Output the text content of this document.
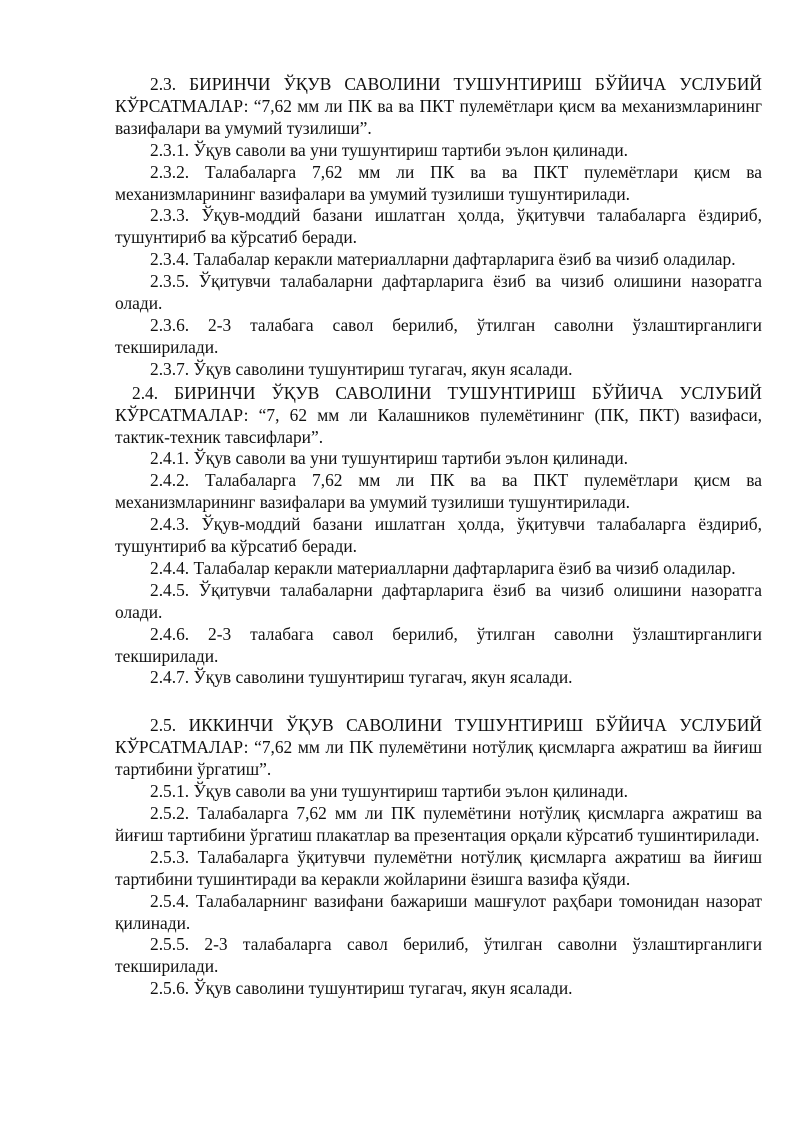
2.3. БИРИНЧИ ЎҚУВ САВОЛИНИ ТУШУНТИРИШ БЎЙИЧА УСЛУБИЙ КЎРСАТМАЛАР: “7,62 мм ли ПК ва ва ПКТ пулемётлари қисм ва механизмларининг вазифалари ва умумий тузилиши”.

2.3.1. Ўқув саволи ва уни тушунтириш тартиби эълон қилинади.

2.3.2. Талабаларга 7,62 мм ли ПК ва ва ПКТ пулемётлари қисм ва механизмларининг вазифалари ва умумий тузилиши тушунтирилади.

2.3.3. Ўқув-моддий базани ишлатган ҳолда, ўқитувчи талабаларга ёздириб, тушунтириб ва кўрсатиб беради.

2.3.4. Талабалар керакли материалларни дафтарларига ёзиб ва чизиб оладилар.

2.3.5. Ўқитувчи талабаларни дафтарларига ёзиб ва чизиб олишини назоратга олади.

2.3.6. 2-3 талабага савол берилиб, ўтилган саволни ўзлаштирганлиги текширилади.

2.3.7. Ўқув саволини тушунтириш тугагач, якун ясалади.

2.4. БИРИНЧИ ЎҚУВ САВОЛИНИ ТУШУНТИРИШ БЎЙИЧА УСЛУБИЙ КЎРСАТМАЛАР: “7, 62 мм ли Калашников пулемётининг (ПК, ПКТ) вазифаси, тактик-техник тавсифлари”.

2.4.1. Ўқув саволи ва уни тушунтириш тартиби эълон қилинади.

2.4.2. Талабаларга 7,62 мм ли ПК ва ва ПКТ пулемётлари қисм ва механизмларининг вазифалари ва умумий тузилиши тушунтирилади.

2.4.3. Ўқув-моддий базани ишлатган ҳолда, ўқитувчи талабаларга ёздириб, тушунтириб ва кўрсатиб беради.

2.4.4. Талабалар керакли материалларни дафтарларига ёзиб ва чизиб оладилар.

2.4.5. Ўқитувчи талабаларни дафтарларига ёзиб ва чизиб олишини назоратга олади.

2.4.6. 2-3 талабага савол берилиб, ўтилган саволни ўзлаштирганлиги текширилади.

2.4.7. Ўқув саволини тушунтириш тугагач, якун ясалади.

2.5. ИККИНЧИ ЎҚУВ САВОЛИНИ ТУШУНТИРИШ БЎЙИЧА УСЛУБИЙ КЎРСАТМАЛАР: “7,62 мм ли ПК пулемётини нотўлиқ қисмларга ажратиш ва йиғиш тартибини ўргатиш”.

2.5.1. Ўқув саволи ва уни тушунтириш тартиби эълон қилинади.

2.5.2. Талабаларга 7,62 мм ли ПК пулемётини нотўлиқ қисмларга ажратиш ва йиғиш тартибини ўргатиш плакатлар ва презентация орқали кўрсатиб тушинтирилади.

2.5.3. Талабаларга ўқитувчи пулемётни нотўлиқ қисмларга ажратиш ва йиғиш тартибини тушинтиради ва керакли жойларини ёзишга вазифа қўяди.

2.5.4. Талабаларнинг вазифани бажариши машғулот раҳбари томонидан назорат қилинади.

2.5.5. 2-3 талабаларга савол берилиб, ўтилган саволни ўзлаштирганлиги текширилади.

2.5.6. Ўқув саволини тушунтириш тугагач, якун ясалади.
